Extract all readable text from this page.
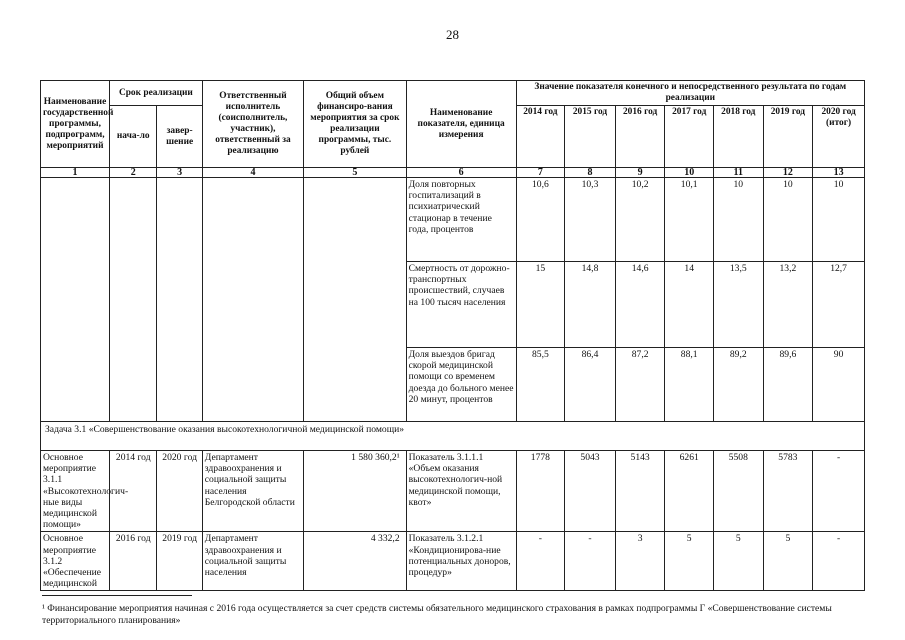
28
Наименование государственной программы, подпрограмм, мероприятий	Срок реализации		Ответственный исполнитель (соисполнитель, участник), ответственный за реализацию	Общий объем финансиро-вания мероприятия за срок реализации программы, тыс. рублей	Наименование показателя, единица измерения	Значение показателя конечного и непосредственного результата по годам реализации						
	нача-ло	завер-шение				2014 год	2015 год	2016 год	2017 год	2018 год	2019 год	2020 год (итог)
1	2	3	4	5	6	7	8	9	10	11	12	13
					Доля повторных госпитализаций в психиатрический стационар в течение года, процентов	10,6	10,3	10,2	10,1	10	10	10
					Смертность от дорожно-транспортных происшествий, случаев на 100 тысяч населения	15	14,8	14,6	14	13,5	13,2	12,7
					Доля выездов бригад скорой медицинской помощи со временем доезда до больного менее 20 минут, процентов	85,5	86,4	87,2	88,1	89,2	89,6	90
Задача 3.1 «Совершенствование оказания высокотехнологичной медицинской помощи»												
Основное мероприятие 3.1.1 «Высокотехнологич-ные виды медицинской помощи»	2014 год	2020 год	Департамент здравоохранения и социальной защиты населения Белгородской области	1 580 360,2¹	Показатель 3.1.1.1 «Объем оказания высокотехнологич-ной медицинской помощи, квот»	1778	5043	5143	6261	5508	5783	-
Основное мероприятие 3.1.2 «Обеспечение медицинской	2016 год	2019 год	Департамент здравоохранения и социальной защиты населения	4 332,2	Показатель 3.1.2.1 «Кондиционирова-ние потенциальных доноров, процедур»	-	-	3	5	5	5	-
¹ Финансирование мероприятия начиная с 2016 года осуществляется за счет средств системы обязательного медицинского страхования в рамках подпрограммы Г «Совершенствование системы территориального планирования»
